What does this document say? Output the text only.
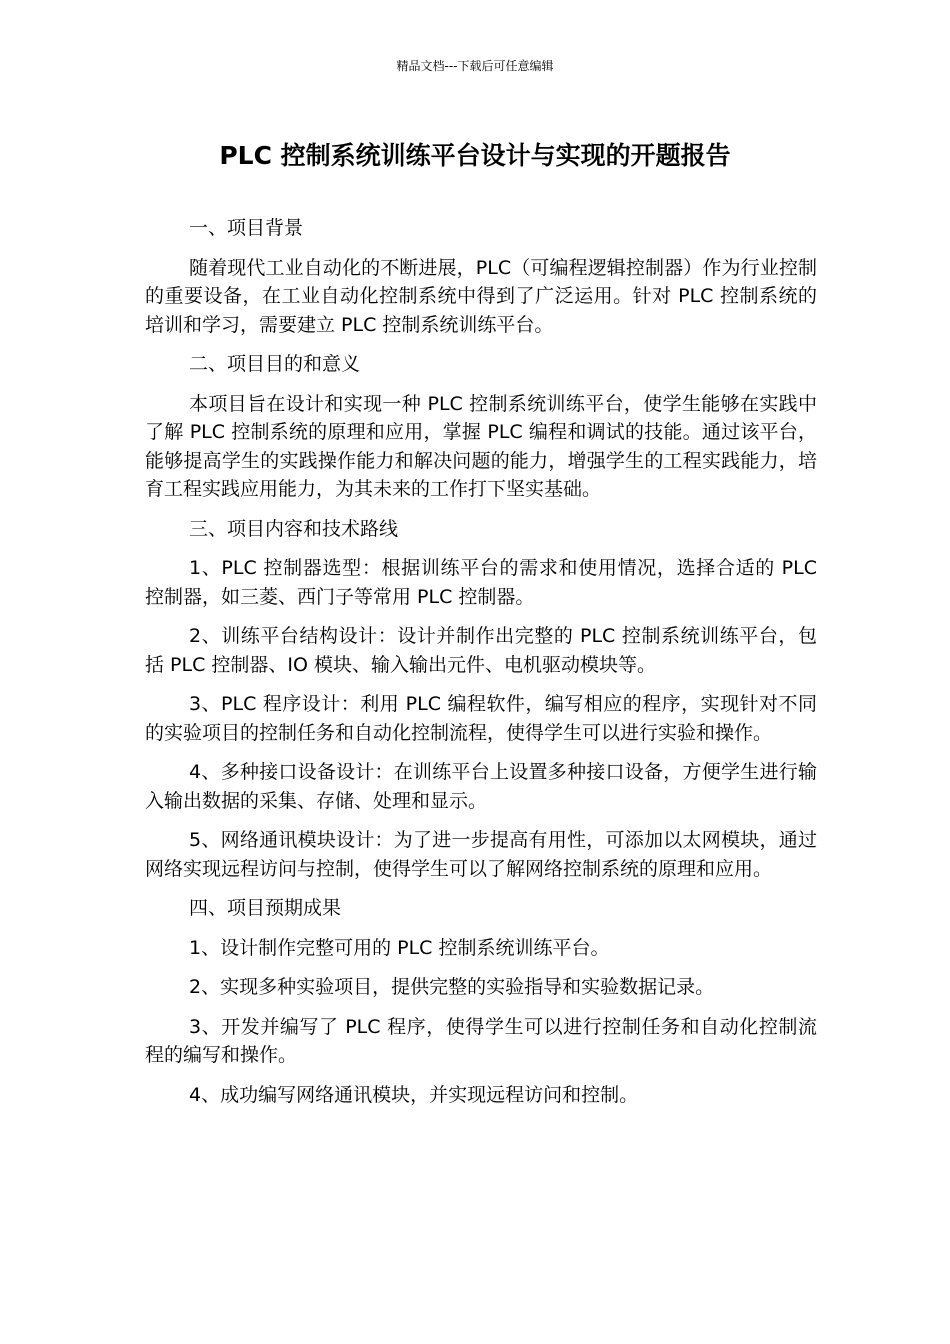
精品文档---下载后可任意编辑
PLC 控制系统训练平台设计与实现的开题报告

一、项目背景

随着现代工业自动化的不断进展，PLC（可编程逻辑控制器）作为行业控制的重要设备，在工业自动化控制系统中得到了广泛运用。针对 PLC 控制系统的培训和学习，需要建立 PLC 控制系统训练平台。

二、项目目的和意义

本项目旨在设计和实现一种 PLC 控制系统训练平台，使学生能够在实践中了解 PLC 控制系统的原理和应用，掌握 PLC 编程和调试的技能。通过该平台，能够提高学生的实践操作能力和解决问题的能力，增强学生的工程实践能力，培育工程实践应用能力，为其未来的工作打下坚实基础。

三、项目内容和技术路线

1、PLC 控制器选型：根据训练平台的需求和使用情况，选择合适的 PLC 控制器，如三菱、西门子等常用 PLC 控制器。

2、训练平台结构设计：设计并制作出完整的 PLC 控制系统训练平台，包括 PLC 控制器、IO 模块、输入输出元件、电机驱动模块等。

3、PLC 程序设计：利用 PLC 编程软件，编写相应的程序，实现针对不同的实验项目的控制任务和自动化控制流程，使得学生可以进行实验和操作。

4、多种接口设备设计：在训练平台上设置多种接口设备，方便学生进行输入输出数据的采集、存储、处理和显示。

5、网络通讯模块设计：为了进一步提高有用性，可添加以太网模块，通过网络实现远程访问与控制，使得学生可以了解网络控制系统的原理和应用。

四、项目预期成果

1、设计制作完整可用的 PLC 控制系统训练平台。

2、实现多种实验项目，提供完整的实验指导和实验数据记录。

3、开发并编写了 PLC 程序，使得学生可以进行控制任务和自动化控制流程的编写和操作。

4、成功编写网络通讯模块，并实现远程访问和控制。
